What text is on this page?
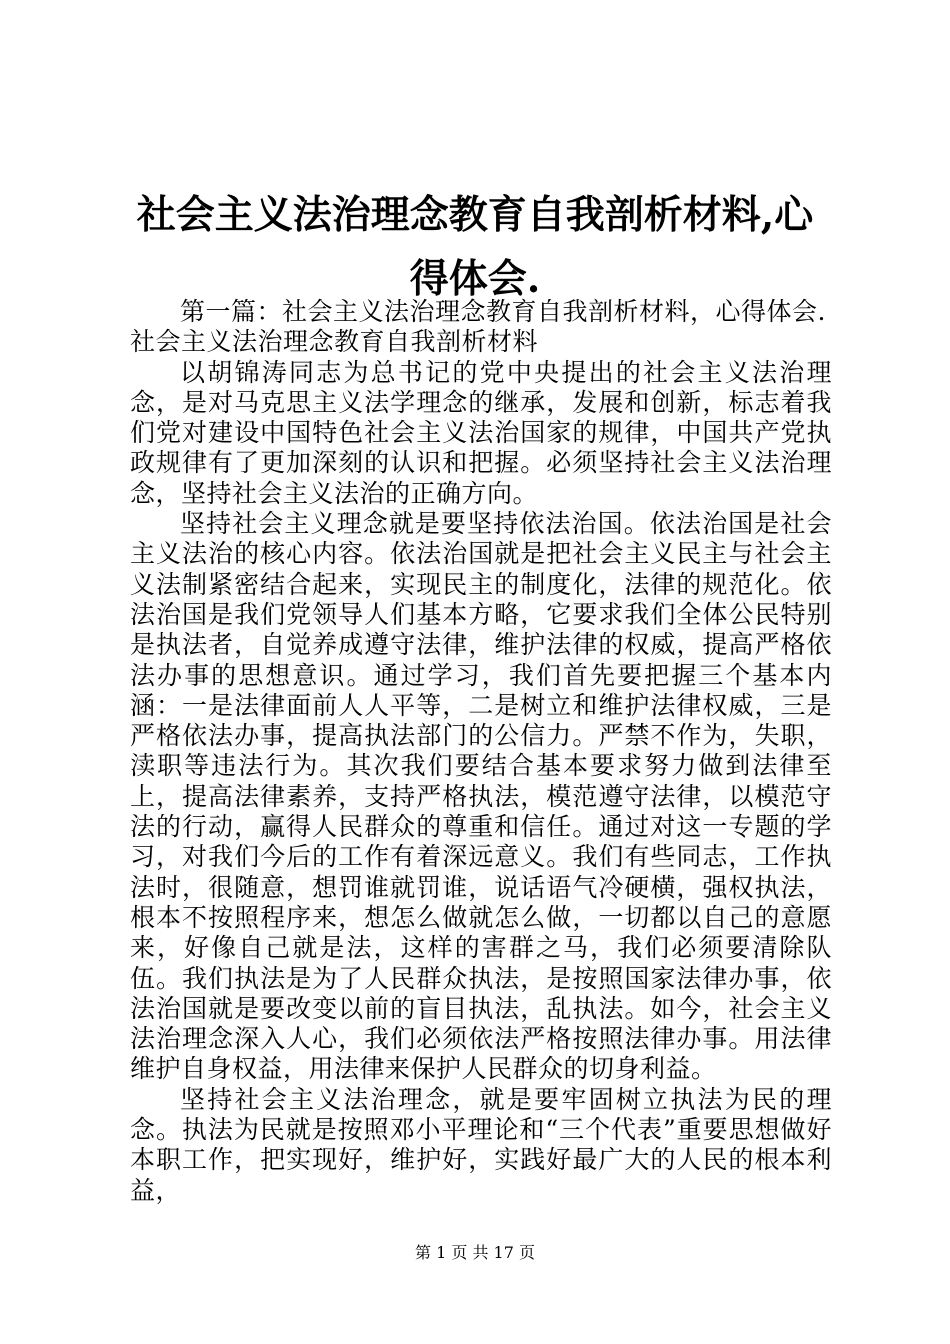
社会主义法治理念教育自我剖析材料,心得体会.

第一篇：社会主义法治理念教育自我剖析材料，心得体会.

社会主义法治理念教育自我剖析材料

以胡锦涛同志为总书记的党中央提出的社会主义法治理念，是对马克思主义法学理念的继承，发展和创新，标志着我们党对建设中国特色社会主义法治国家的规律，中国共产党执政规律有了更加深刻的认识和把握。必须坚持社会主义法治理念，坚持社会主义法治的正确方向。

坚持社会主义理念就是要坚持依法治国。依法治国是社会主义法治的核心内容。依法治国就是把社会主义民主与社会主义法制紧密结合起来，实现民主的制度化，法律的规范化。依法治国是我们党领导人们基本方略，它要求我们全体公民特别是执法者，自觉养成遵守法律，维护法律的权威，提高严格依法办事的思想意识。通过学习，我们首先要把握三个基本内涵：一是法律面前人人平等，二是树立和维护法律权威，三是严格依法办事，提高执法部门的公信力。严禁不作为，失职，渎职等违法行为。其次我们要结合基本要求努力做到法律至上，提高法律素养，支持严格执法，模范遵守法律，以模范守法的行动，赢得人民群众的尊重和信任。通过对这一专题的学习，对我们今后的工作有着深远意义。我们有些同志，工作执法时，很随意，想罚谁就罚谁，说话语气冷硬横，强权执法，根本不按照程序来，想怎么做就怎么做，一切都以自己的意愿来，好像自己就是法，这样的害群之马，我们必须要清除队伍。我们执法是为了人民群众执法，是按照国家法律办事，依法治国就是要改变以前的盲目执法，乱执法。如今，社会主义法治理念深入人心，我们必须依法严格按照法律办事。用法律维护自身权益，用法律来保护人民群众的切身利益。

坚持社会主义法治理念，就是要牢固树立执法为民的理念。执法为民就是按照邓小平理论和“三个代表”重要思想做好本职工作，把实现好，维护好，实践好最广大的人民的根本利益，

第 1 页 共 17 页
